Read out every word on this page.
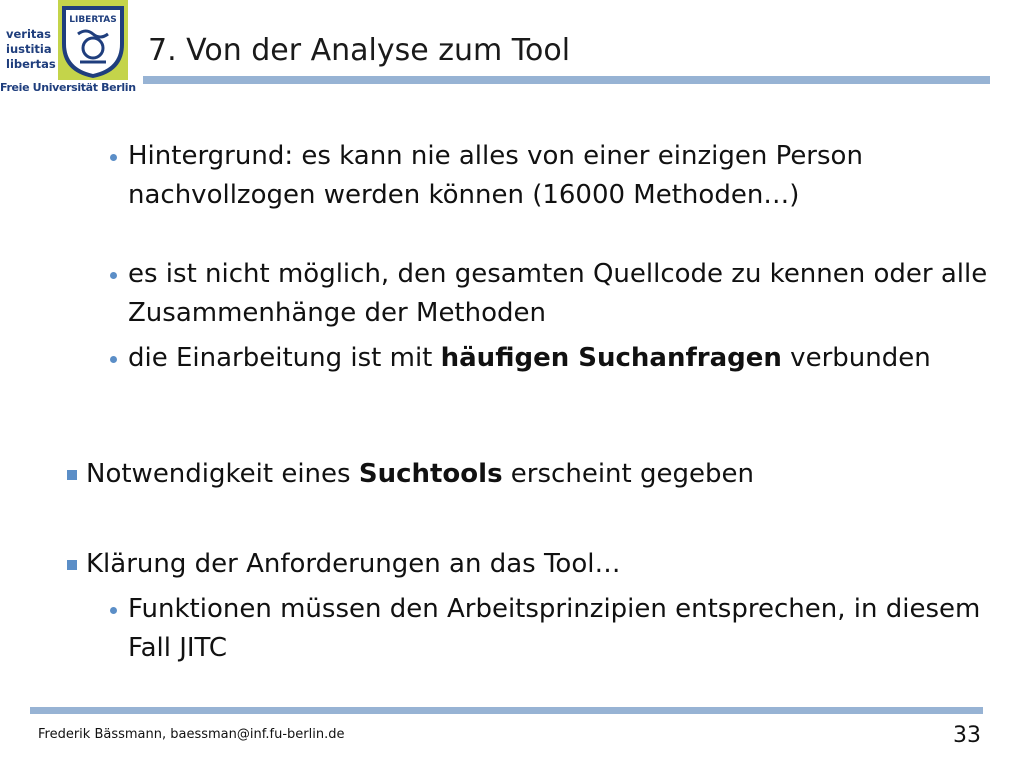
veritas
iustitia
libertas
LIBERTAS
Freie Universität Berlin
7. Von der Analyse zum Tool
Hintergrund: es kann nie alles von einer einzigen Person nachvollzogen werden können (16000 Methoden…)
es ist nicht möglich, den gesamten Quellcode zu kennen oder alle Zusammenhänge der Methoden
die Einarbeitung ist mit häufigen Suchanfragen verbunden
Notwendigkeit eines Suchtools erscheint gegeben
Klärung der Anforderungen an das Tool…
Funktionen müssen den Arbeitsprinzipien entsprechen, in diesem Fall JITC
Frederik Bässmann, baessman@inf.fu-berlin.de	33
